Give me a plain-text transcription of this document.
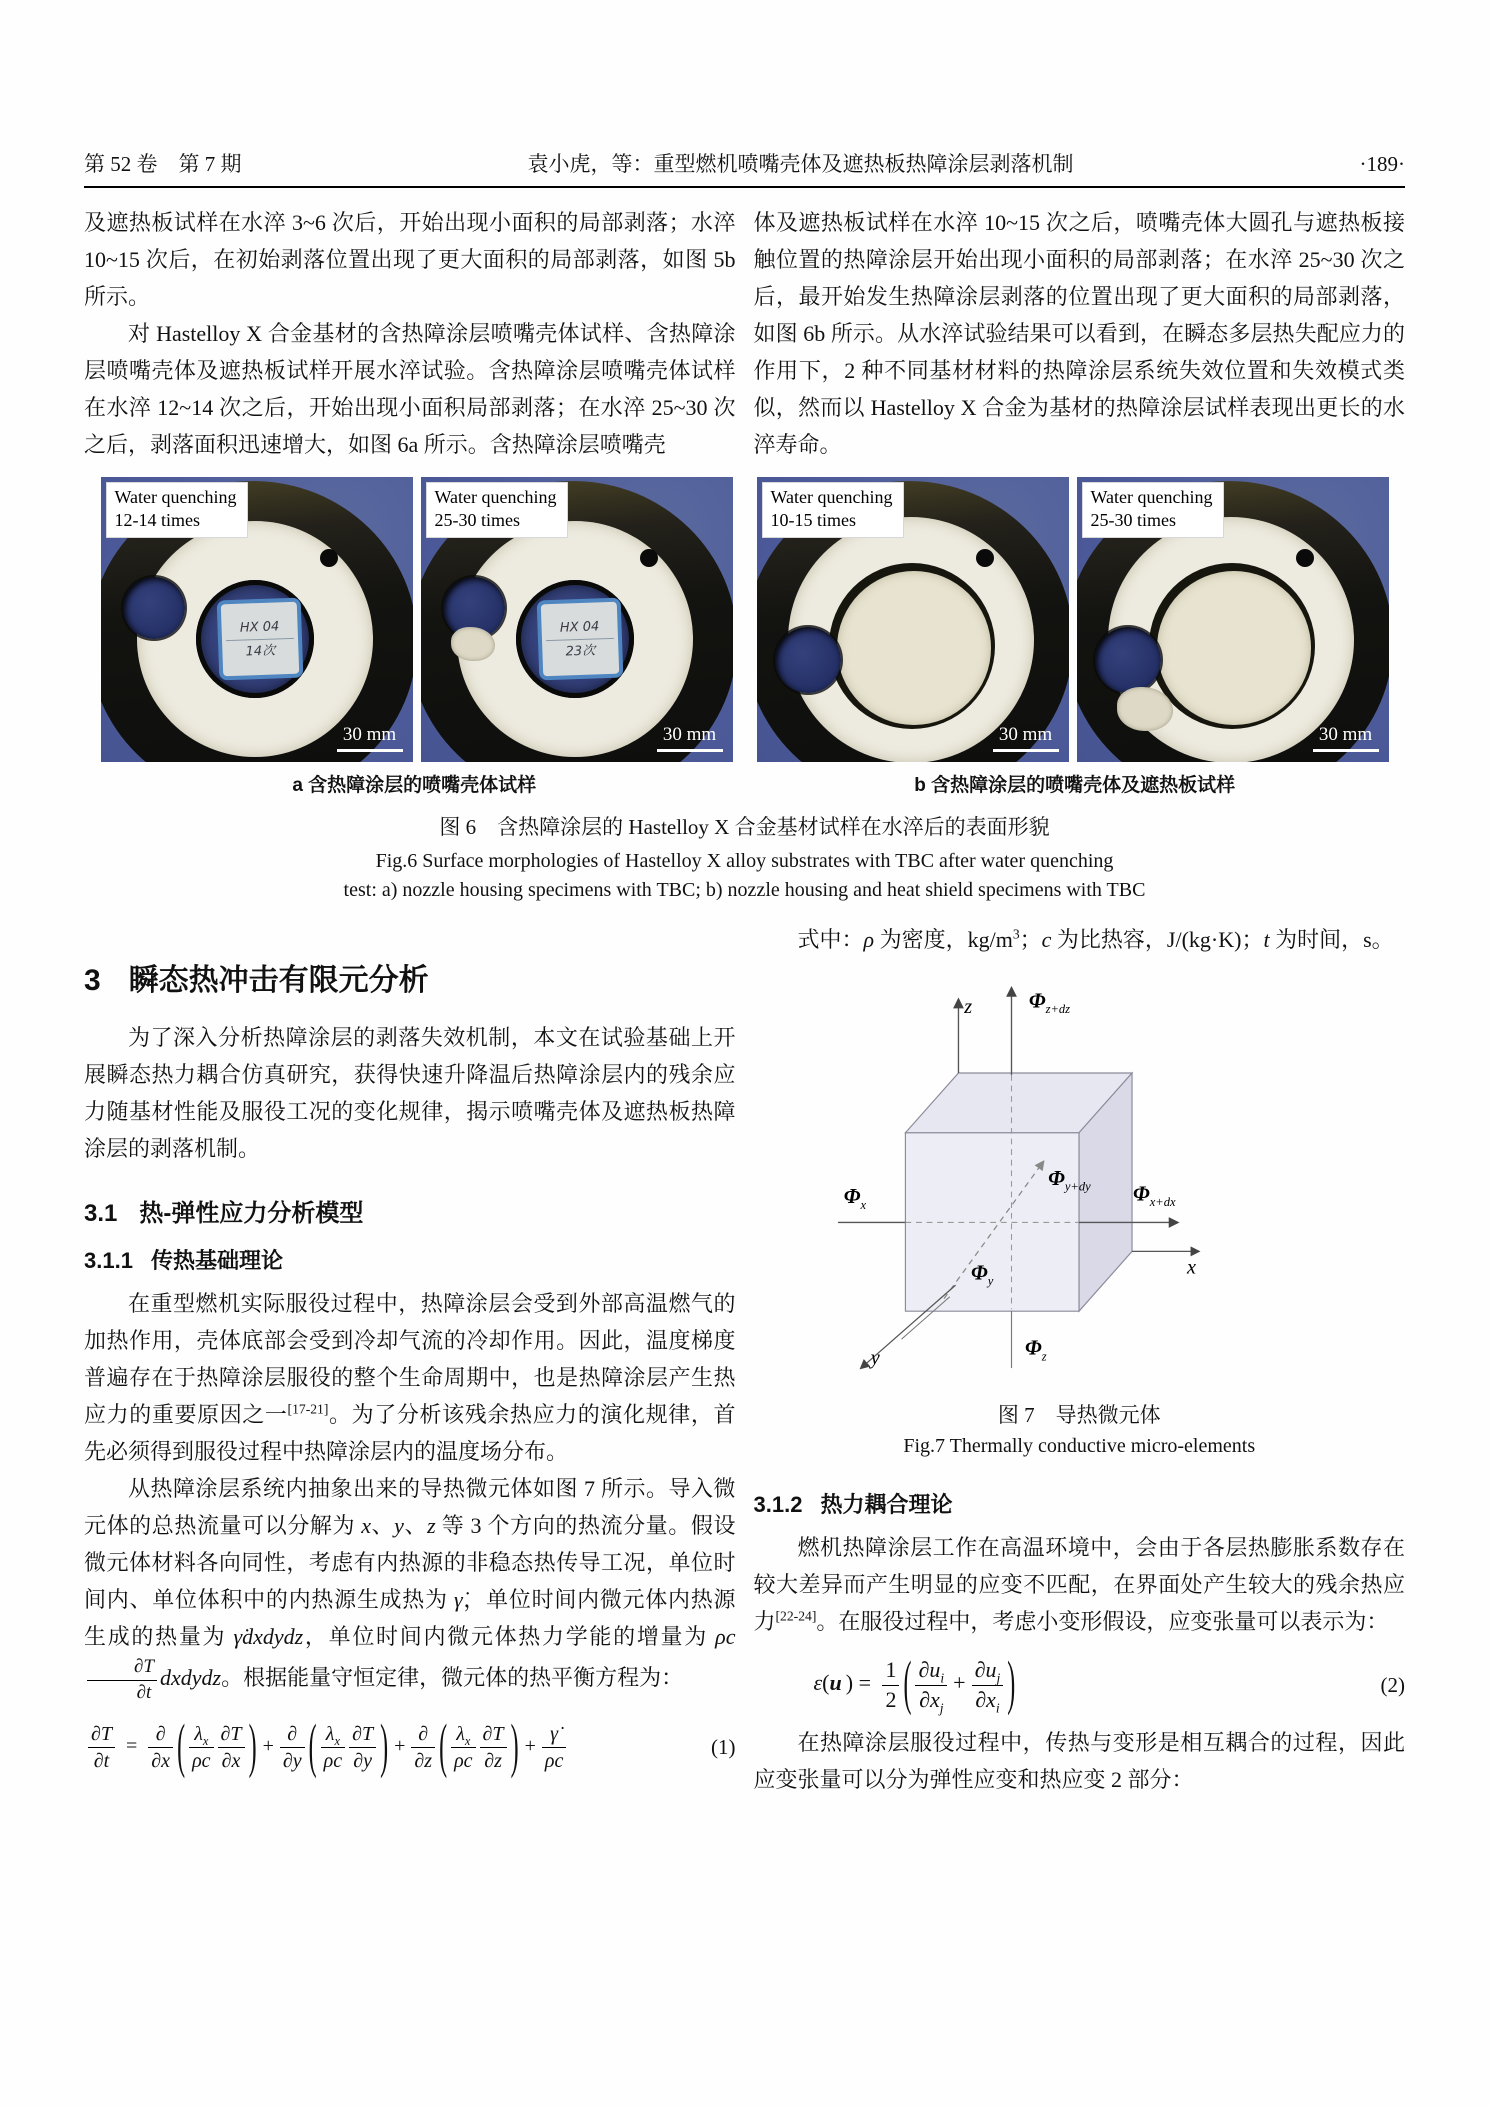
第 52 卷　第 7 期	袁小虎，等：重型燃机喷嘴壳体及遮热板热障涂层剥落机制	·189·

及遮热板试样在水淬 3~6 次后，开始出现小面积的局部剥落；水淬 10~15 次后，在初始剥落位置出现了更大面积的局部剥落，如图 5b 所示。

对 Hastelloy X 合金基材的含热障涂层喷嘴壳体试样、含热障涂层喷嘴壳体及遮热板试样开展水淬试验。含热障涂层喷嘴壳体试样在水淬 12~14 次之后，开始出现小面积局部剥落；在水淬 25~30 次之后，剥落面积迅速增大，如图 6a 所示。含热障涂层喷嘴壳

体及遮热板试样在水淬 10~15 次之后，喷嘴壳体大圆孔与遮热板接触位置的热障涂层开始出现小面积的局部剥落；在水淬 25~30 次之后，最开始发生热障涂层剥落的位置出现了更大面积的局部剥落，如图 6b 所示。从水淬试验结果可以看到，在瞬态多层热失配应力的作用下，2 种不同基材材料的热障涂层系统失效位置和失效模式类似，然而以 Hastelloy X 合金为基材的热障涂层试样表现出更长的水淬寿命。

HX 04
14次
Water quenching
12-14 times
30 mm
HX 04
23次
Water quenching
25-30 times
30 mm
Water quenching
10-15 times
30 mm
Water quenching
25-30 times
30 mm
a 含热障涂层的喷嘴壳体试样	b 含热障涂层的喷嘴壳体及遮热板试样
图 6　含热障涂层的 Hastelloy X 合金基材试样在水淬后的表面形貌
Fig.6 Surface morphologies of Hastelloy X alloy substrates with TBC after water quenching
test: a) nozzle housing specimens with TBC; b) nozzle housing and heat shield specimens with TBC
3 瞬态热冲击有限元分析

为了深入分析热障涂层的剥落失效机制，本文在试验基础上开展瞬态热力耦合仿真研究，获得快速升降温后热障涂层内的残余应力随基材性能及服役工况的变化规律，揭示喷嘴壳体及遮热板热障涂层的剥落机制。

3.1 热-弹性应力分析模型
3.1.1 传热基础理论

在重型燃机实际服役过程中，热障涂层会受到外部高温燃气的加热作用，壳体底部会受到冷却气流的冷却作用。因此，温度梯度普遍存在于热障涂层服役的整个生命周期中，也是热障涂层产生热应力的重要原因之一[17-21]。为了分析该残余热应力的演化规律，首先必须得到服役过程中热障涂层内的温度场分布。

从热障涂层系统内抽象出来的导热微元体如图 7 所示。导入微元体的总热流量可以分解为 x、y、z 等 3 个方向的热流分量。假设微元体材料各向同性，考虑有内热源的非稳态热传导工况，单位时间内、单位体积中的内热源生成热为 γ̇，单位时间内微元体内热源生成的热量为 γ̇dxdydz，单位时间内微元体热力学能的增量为 ρc
$\frac{\partial T}{\partial t}$ dxdydz。根据能量守恒定律，微元体的热平衡方程为：

$\frac{\partial T}{\partial t} = \frac{\partial}{\partial x}$ ( $\frac{\lambda_x}{\rho c} \frac{\partial T}{\partial x}$ ) + $\frac{\partial}{\partial y}$ ( $\frac{\lambda_x}{\rho c} \frac{\partial T}{\partial y}$ ) + $\frac{\partial}{\partial z}$ ( $\frac{\lambda_x}{\rho c} \frac{\partial T}{\partial z}$ ) + $\frac{\gammȧ}{\rho c}$	(1)

式中：ρ 为密度，$kg/m^3$；c 为比热容，J/(kg·K)；t 为时间，s。

z	$\Phi_{z+dz}$
$\Phi_x$	$\Phi_{x+dx}$
$\Phi_{y+dy}$
y
$\Phi_y$
$\Phi_z$
x
图 7　导热微元体
Fig.7 Thermally conductive micro-elements
3.1.2 热力耦合理论

燃机热障涂层工作在高温环境中，会由于各层热膨胀系数存在较大差异而产生明显的应变不匹配，在界面处产生较大的残余热应力[22-24]。在服役过程中，考虑小变形假设，应变张量可以表示为：

ε(u ) = $\frac{1}{2}$ ( $\frac{\partial u_i}{\partial x_j} + \frac{\partial u_j}{\partial x_i}$ )	(2)

在热障涂层服役过程中，传热与变形是相互耦合的过程，因此应变张量可以分为弹性应变和热应变 2 部分：
